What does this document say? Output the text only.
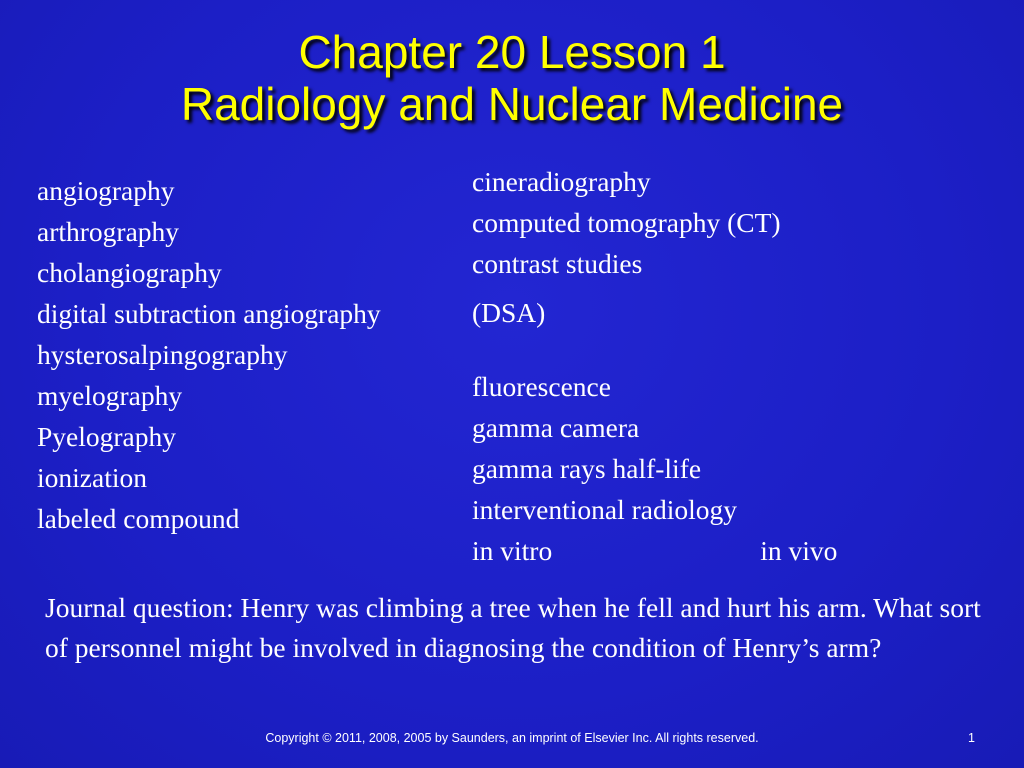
Chapter 20 Lesson 1
Radiology and Nuclear Medicine
angiography
arthrography
cholangiography
digital subtraction angiography
hysterosalpingography
myelography
Pyelography
ionization
labeled compound
cineradiography
computed tomography (CT)
contrast studies
(DSA)
fluorescence
gamma camera
gamma rays half-life
interventional radiology
in vitro	in vivo
Journal question: Henry was climbing a tree when he fell and hurt his arm. What sort of personnel might be involved in diagnosing the condition of Henry’s arm?
Copyright © 2011, 2008, 2005 by Saunders, an imprint of Elsevier Inc. All rights reserved.	1
